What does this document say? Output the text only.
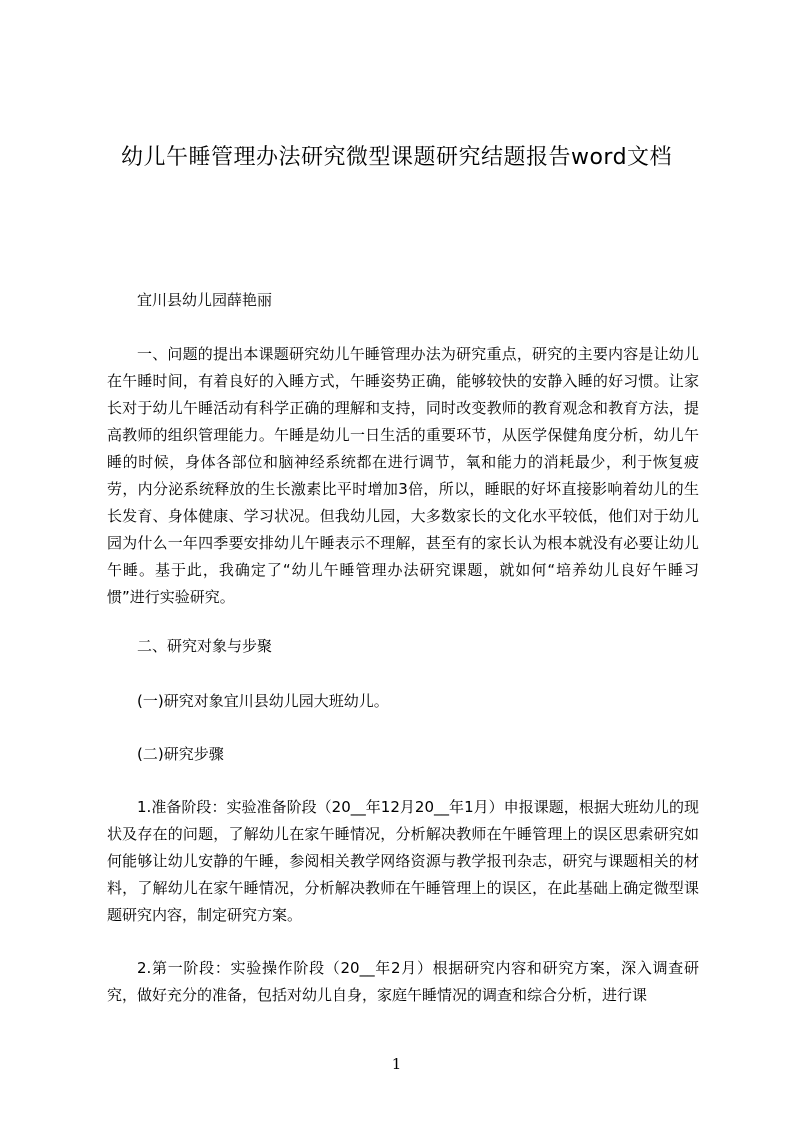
幼儿午睡管理办法研究微型课题研究结题报告word文档

宜川县幼儿园薛艳丽

一、问题的提出本课题研究幼儿午睡管理办法为研究重点，研究的主要内容是让幼儿在午睡时间，有着良好的入睡方式，午睡姿势正确，能够较快的安静入睡的好习惯。让家长对于幼儿午睡活动有科学正确的理解和支持，同时改变教师的教育观念和教育方法，提高教师的组织管理能力。午睡是幼儿一日生活的重要环节，从医学保健角度分析，幼儿午睡的时候，身体各部位和脑神经系统都在进行调节，氧和能力的消耗最少，利于恢复疲劳，内分泌系统释放的生长激素比平时增加3倍，所以，睡眠的好坏直接影响着幼儿的生长发育、身体健康、学习状况。但我幼儿园，大多数家长的文化水平较低，他们对于幼儿园为什么一年四季要安排幼儿午睡表示不理解，甚至有的家长认为根本就没有必要让幼儿午睡。基于此，我确定了“幼儿午睡管理办法研究课题，就如何“培养幼儿良好午睡习惯”进行实验研究。

二、研究对象与步聚

(一)研究对象宜川县幼儿园大班幼儿。

(二)研究步骤

1.准备阶段：实验准备阶段（20__年12月20__年1月）申报课题，根据大班幼儿的现状及存在的问题，了解幼儿在家午睡情况，分析解决教师在午睡管理上的误区思索研究如何能够让幼儿安静的午睡，参阅相关教学网络资源与教学报刊杂志，研究与课题相关的材料，了解幼儿在家午睡情况，分析解决教师在午睡管理上的误区，在此基础上确定微型课题研究内容，制定研究方案。

2.第一阶段：实验操作阶段（20__年2月）根据研究内容和研究方案，深入调查研究，做好充分的准备，包括对幼儿自身，家庭午睡情况的调查和综合分析，进行课

1
